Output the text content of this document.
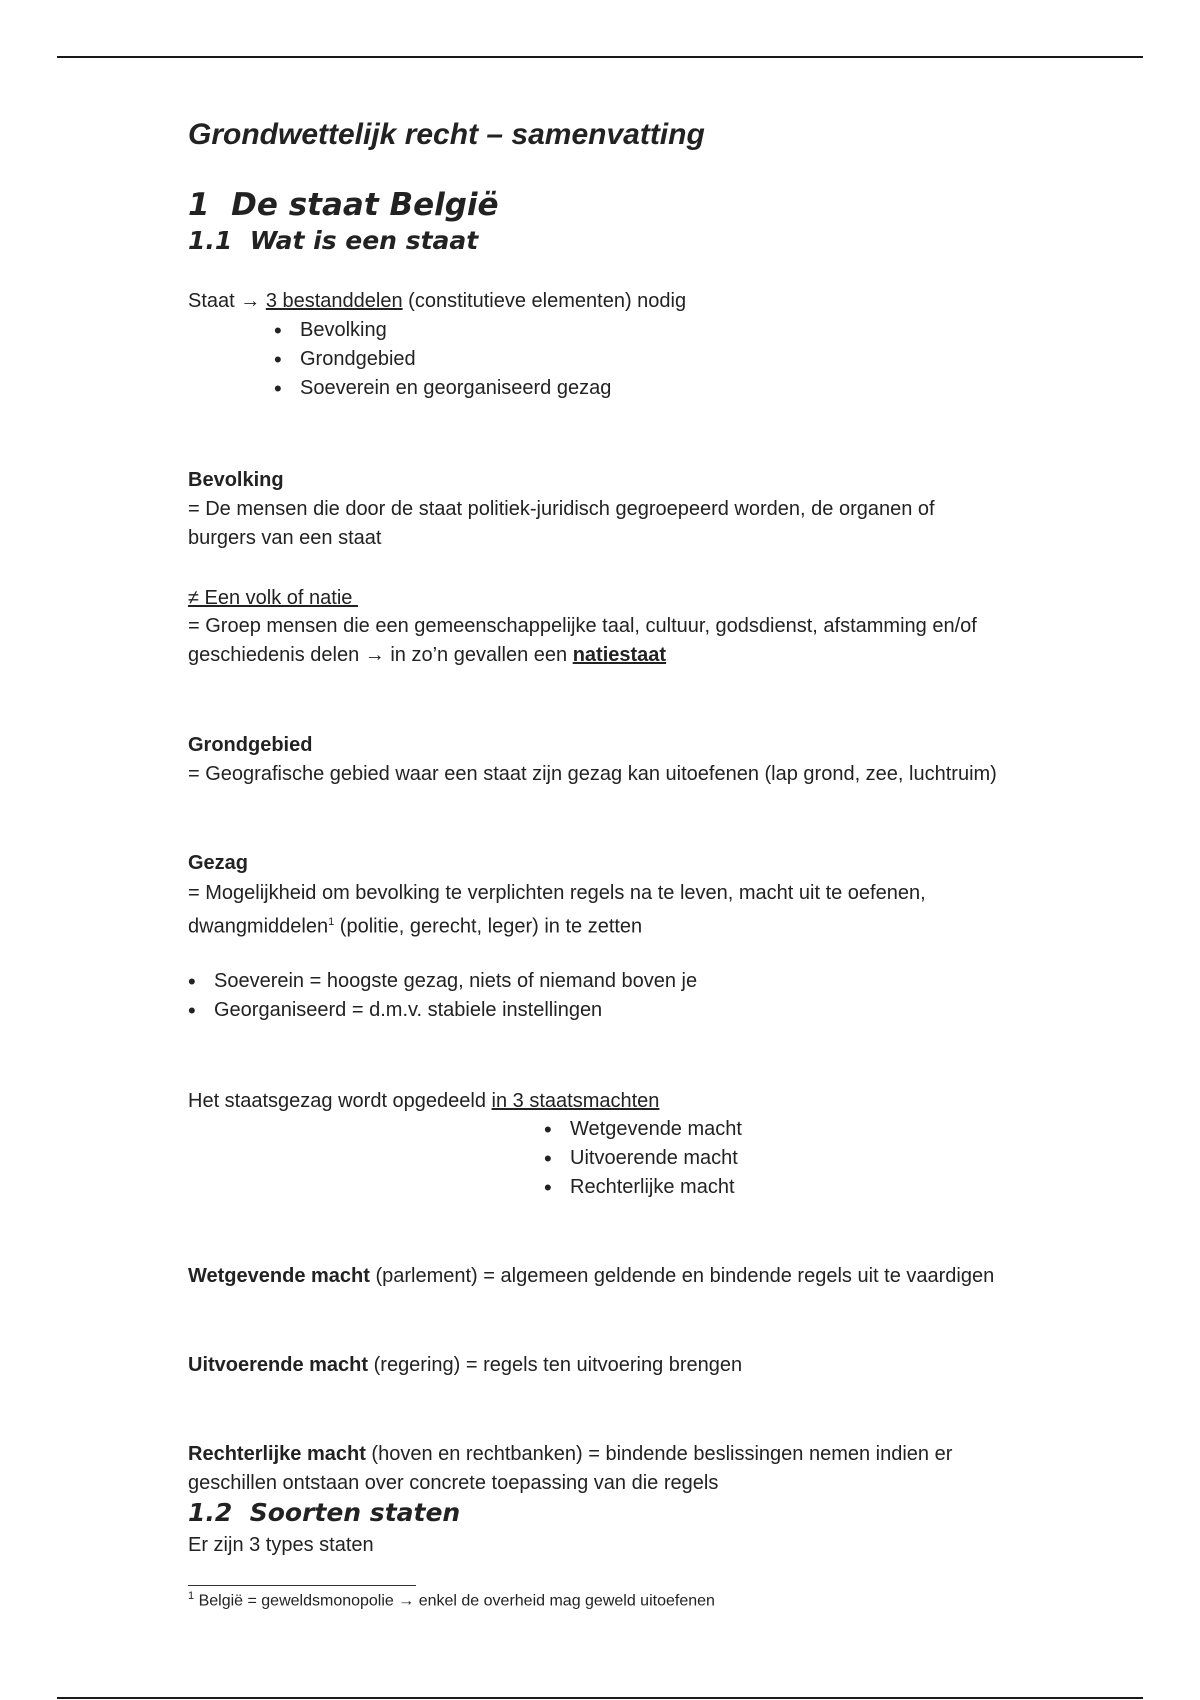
Grondwettelijk recht – samenvatting
1 De staat België
1.1 Wat is een staat
Staat → 3 bestanddelen (constitutieve elementen) nodig
• Bevolking
• Grondgebied
• Soeverein en georganiseerd gezag
Bevolking
= De mensen die door de staat politiek-juridisch gegroepeerd worden, de organen of
burgers van een staat
≠ Een volk of natie
= Groep mensen die een gemeenschappelijke taal, cultuur, godsdienst, afstamming en/of
geschiedenis delen → in zo’n gevallen een natiestaat
Grondgebied
= Geografische gebied waar een staat zijn gezag kan uitoefenen (lap grond, zee, luchtruim)
Gezag
= Mogelijkheid om bevolking te verplichten regels na te leven, macht uit te oefenen,
dwangmiddelen$^1$ (politie, gerecht, leger) in te zetten
• Soeverein = hoogste gezag, niets of niemand boven je
• Georganiseerd = d.m.v. stabiele instellingen
Het staatsgezag wordt opgedeeld in 3 staatsmachten
• Wetgevende macht
• Uitvoerende macht
• Rechterlijke macht
Wetgevende macht (parlement) = algemeen geldende en bindende regels uit te vaardigen
Uitvoerende macht (regering) = regels ten uitvoering brengen
Rechterlijke macht (hoven en rechtbanken) = bindende beslissingen nemen indien er
geschillen ontstaan over concrete toepassing van die regels
1.2 Soorten staten
Er zijn 3 types staten
$^1$ België = geweldsmonopolie → enkel de overheid mag geweld uitoefenen
